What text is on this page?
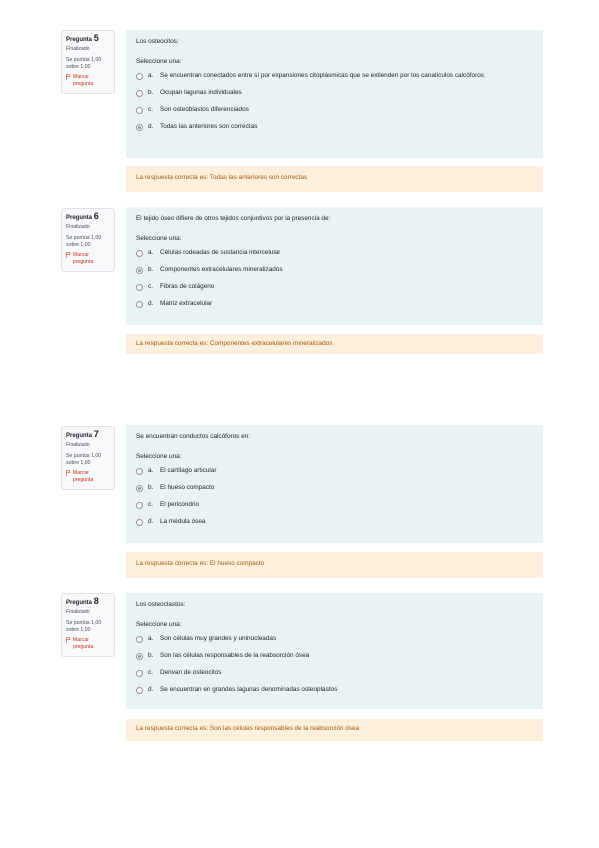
Pregunta 5
Finalizado
Se puntúa 1,00 sobre 1,00
Marcar pregunta
Los osteocitos:
Seleccione una:
a.	Se encuentran conectados entre sí por expansiones citoplásmicas que se extienden por los canalículos calcóforos
b.	Ocupan lagunas individuales
c.	Son osteoblastos diferenciados
d.	Todas las anteriores son correctas
La respuesta correcta es: Todas las anteriores son correctas
Pregunta 6
Finalizado
Se puntúa 1,00 sobre 1,00
Marcar pregunta
El tejido óseo difiere de otros tejidos conjuntivos por la presencia de:
Seleccione una:
a.	Células rodeadas de sustancia intercelular
b.	Componentes extracelulares mineralizados
c.	Fibras de colágeno
d.	Matriz extracelular
La respuesta correcta es: Componentes extracelulares mineralizados
Pregunta 7
Finalizado
Se puntúa 1,00 sobre 1,00
Marcar pregunta
Se encuentran conductos calcóforos en:
Seleccione una:
a.	El cartílago articular
b.	El hueso compacto
c.	El pericondrio
d.	La médula ósea
La respuesta correcta es: El hueso compacto
Pregunta 8
Finalizado
Se puntúa 1,00 sobre 1,00
Marcar pregunta
Los osteoclastos:
Seleccione una:
a.	Son células muy grandes y uninucleadas
b.	Son las células responsables de la reabsorción ósea
c.	Derivan de osteocitos
d.	Se encuentran en grandes lagunas denominadas osteoplastos
La respuesta correcta es: Son las células responsables de la reabsorción ósea
